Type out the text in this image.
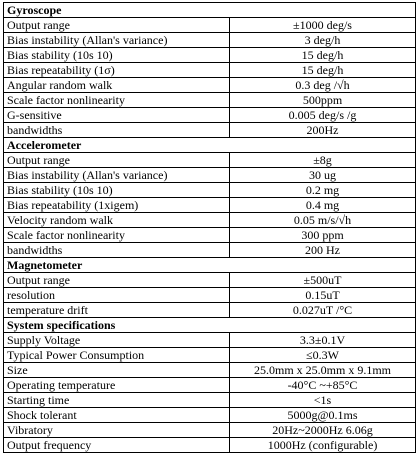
Gyroscope	
Output range	±1000 deg/s
Bias instability (Allan's variance)	3 deg/h
Bias stability (10s 10)	15 deg/h
Bias repeatability (1σ)	15 deg/h
Angular random walk	0.3 deg /√h
Scale factor nonlinearity	500ppm
G-sensitive	0.005 deg/s /g
bandwidths	200Hz
Accelerometer	
Output range	±8g
Bias instability (Allan's variance)	30 ug
Bias stability (10s 10)	0.2 mg
Bias repeatability (1xigem)	0.4 mg
Velocity random walk	0.05 m/s/√h
Scale factor nonlinearity	300 ppm
bandwidths	200 Hz
Magnetometer	
Output range	±500uT
resolution	0.15uT
temperature drift	0.027uT /°C
System specifications	
Supply Voltage	3.3±0.1V
Typical Power Consumption	≤0.3W
Size	25.0mm x 25.0mm x 9.1mm
Operating temperature	-40°C ~+85°C
Starting time	<1s
Shock tolerant	5000g@0.1ms
Vibratory	20Hz~2000Hz 6.06g
Output frequency	1000Hz (configurable)
